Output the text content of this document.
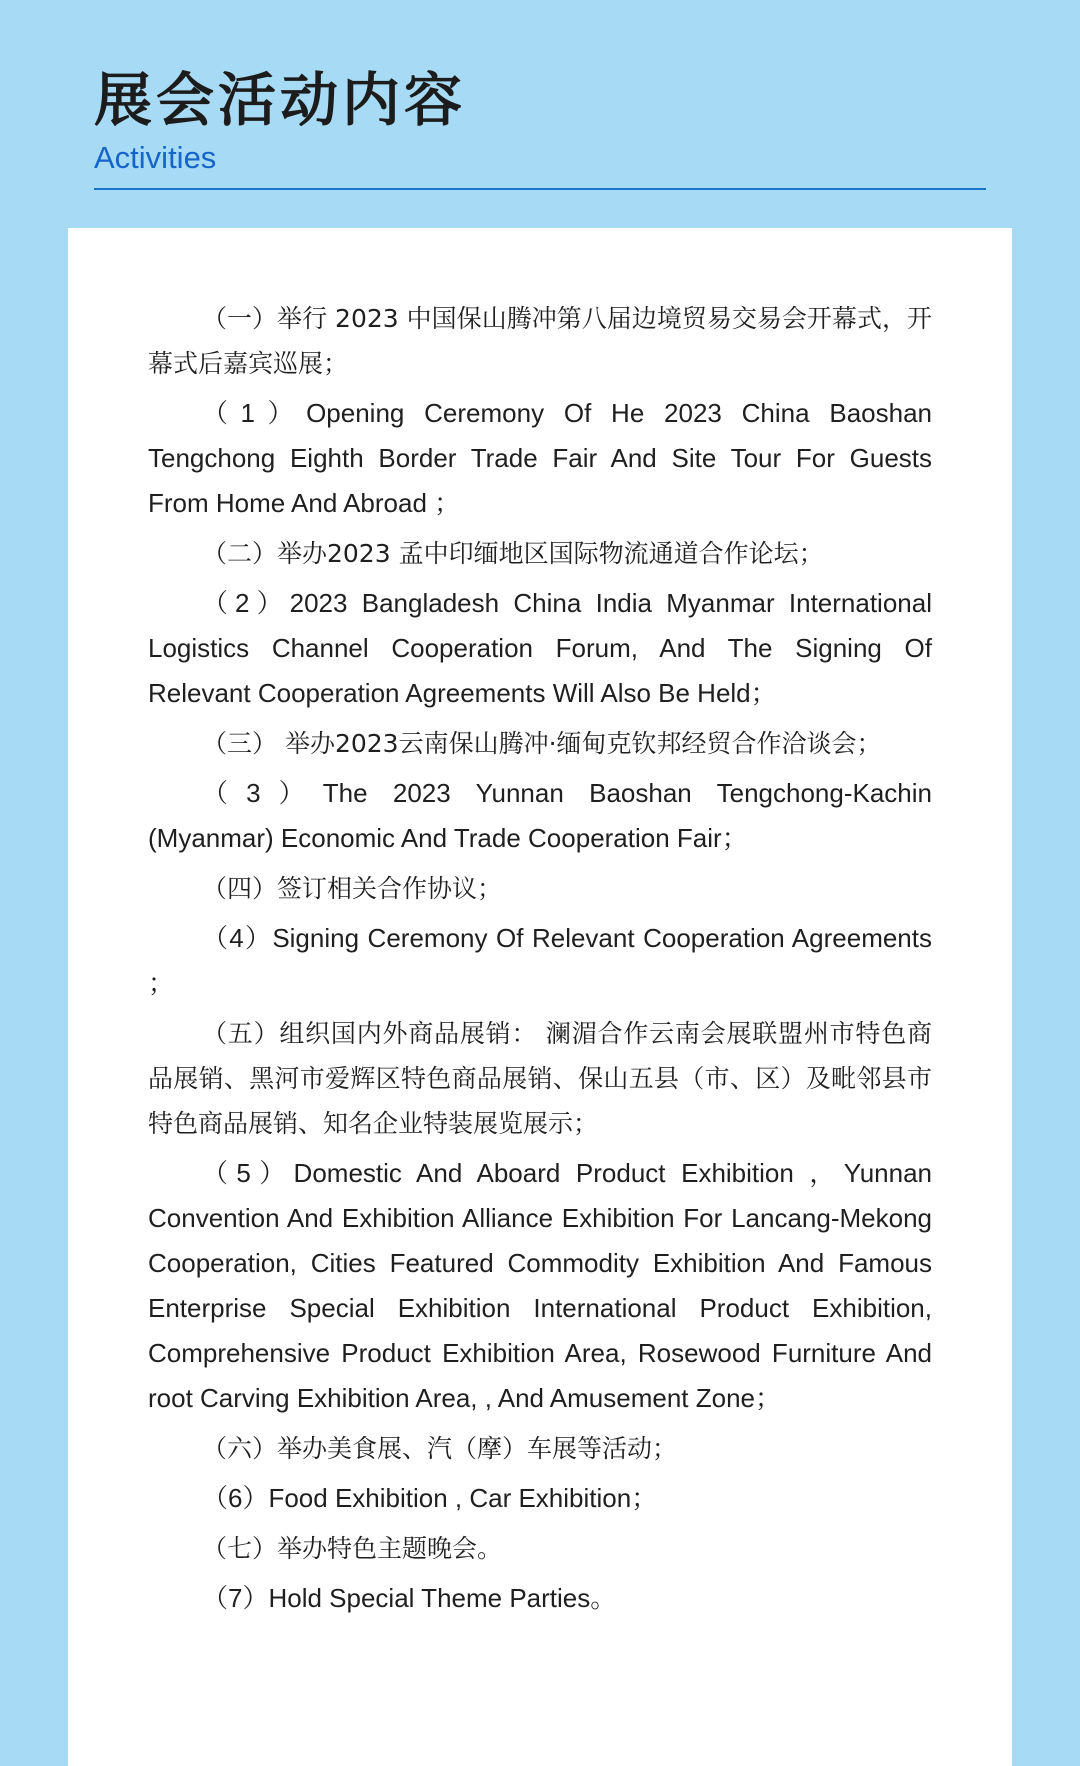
展会活动内容
Activities

（一）举行 2023 中国保山腾冲第八届边境贸易交易会开幕式，开幕式后嘉宾巡展；

（1）Opening Ceremony Of He 2023 China Baoshan Tengchong Eighth Border Trade Fair And Site Tour For Guests From Home And Abroad ；

（二）举办2023 孟中印缅地区国际物流通道合作论坛；

（2）2023 Bangladesh China India Myanmar International Logistics Channel Cooperation Forum, And The Signing Of Relevant Cooperation Agreements Will Also Be Held；

（三） 举办2023云南保山腾冲·缅甸克钦邦经贸合作洽谈会；

（3）The 2023 Yunnan Baoshan Tengchong-Kachin (Myanmar) Economic And Trade Cooperation Fair；

（四）签订相关合作协议；

（4）Signing Ceremony Of Relevant Cooperation Agreements ；

（五）组织国内外商品展销： 澜湄合作云南会展联盟州市特色商品展销、黑河市爱辉区特色商品展销、保山五县（市、区）及毗邻县市特色商品展销、知名企业特装展览展示；

（5）Domestic And Aboard Product Exhibition ，Yunnan Convention And Exhibition Alliance Exhibition For Lancang-Mekong Cooperation, Cities Featured Commodity Exhibition And Famous Enterprise Special Exhibition International Product Exhibition, Comprehensive Product Exhibition Area, Rosewood Furniture And root Carving Exhibition Area, , And Amusement Zone；

（六）举办美食展、汽（摩）车展等活动；

（6）Food Exhibition , Car Exhibition；

（七）举办特色主题晚会。

（7）Hold Special Theme Parties。
